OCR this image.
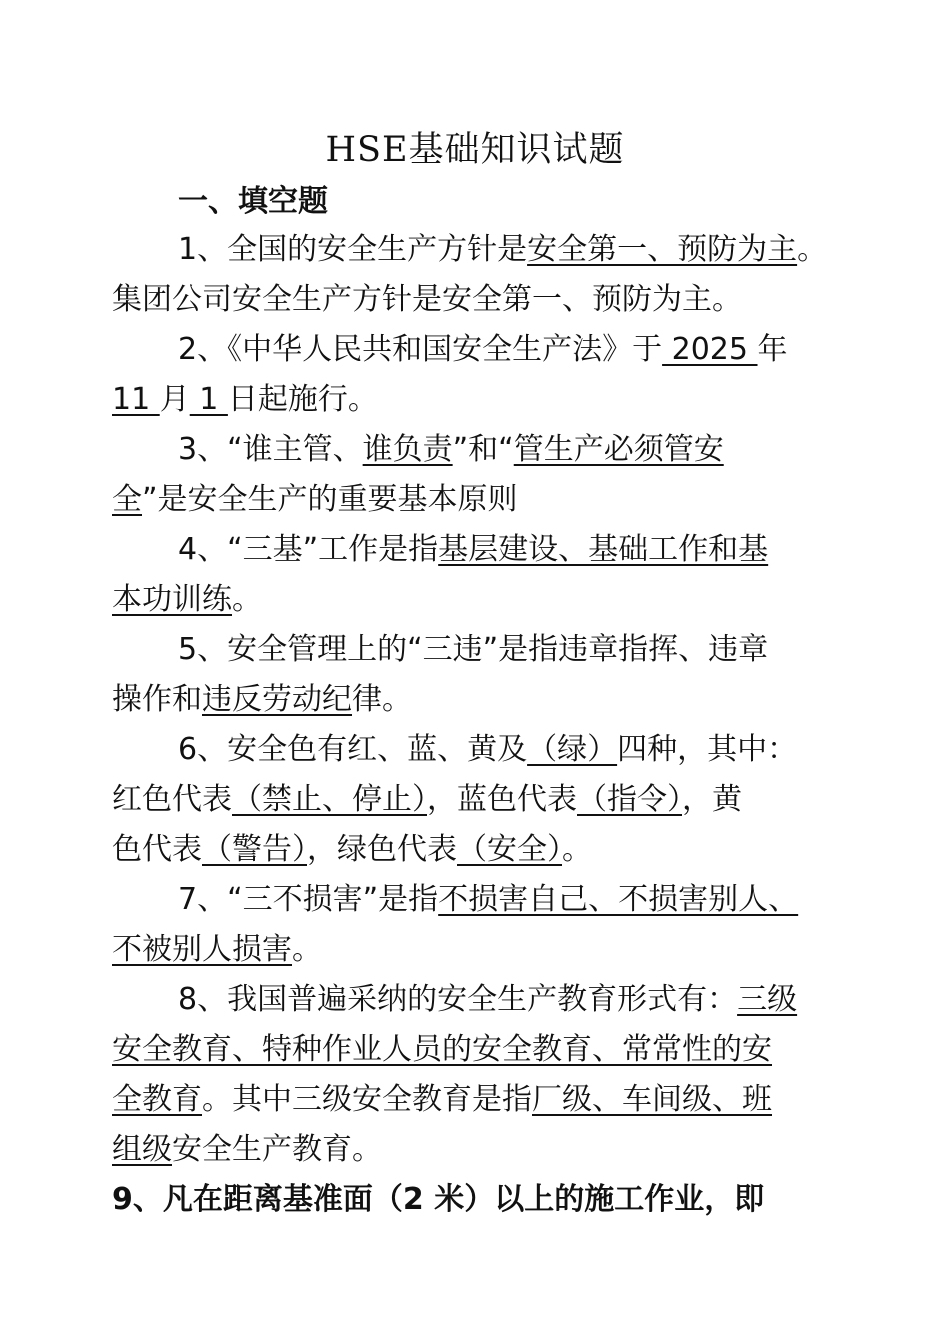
HSE基础知识试题
一、填空题
1、全国的安全生产方针是安全第一、预防为主。
集团公司安全生产方针是安全第一、预防为主。
2、《中华人民共和国安全生产法》于 2025 年
11 月 1 日起施行。
3、“谁主管、谁负责”和“管生产必须管安
全”是安全生产的重要基本原则
4、“三基”工作是指基层建设、基础工作和基
本功训练。
5、安全管理上的“三违”是指违章指挥、违章
操作和违反劳动纪律。
6、安全色有红、蓝、黄及（绿）四种，其中：
红色代表（禁止、停止），蓝色代表（指令），黄
色代表（警告），绿色代表（安全）。
7、“三不损害”是指不损害自己、不损害别人、
不被别人损害。
8、我国普遍采纳的安全生产教育形式有：三级
安全教育、特种作业人员的安全教育、常常性的安
全教育。其中三级安全教育是指厂级、车间级、班
组级安全生产教育。
9、凡在距离基准面（2 米）以上的施工作业，即
